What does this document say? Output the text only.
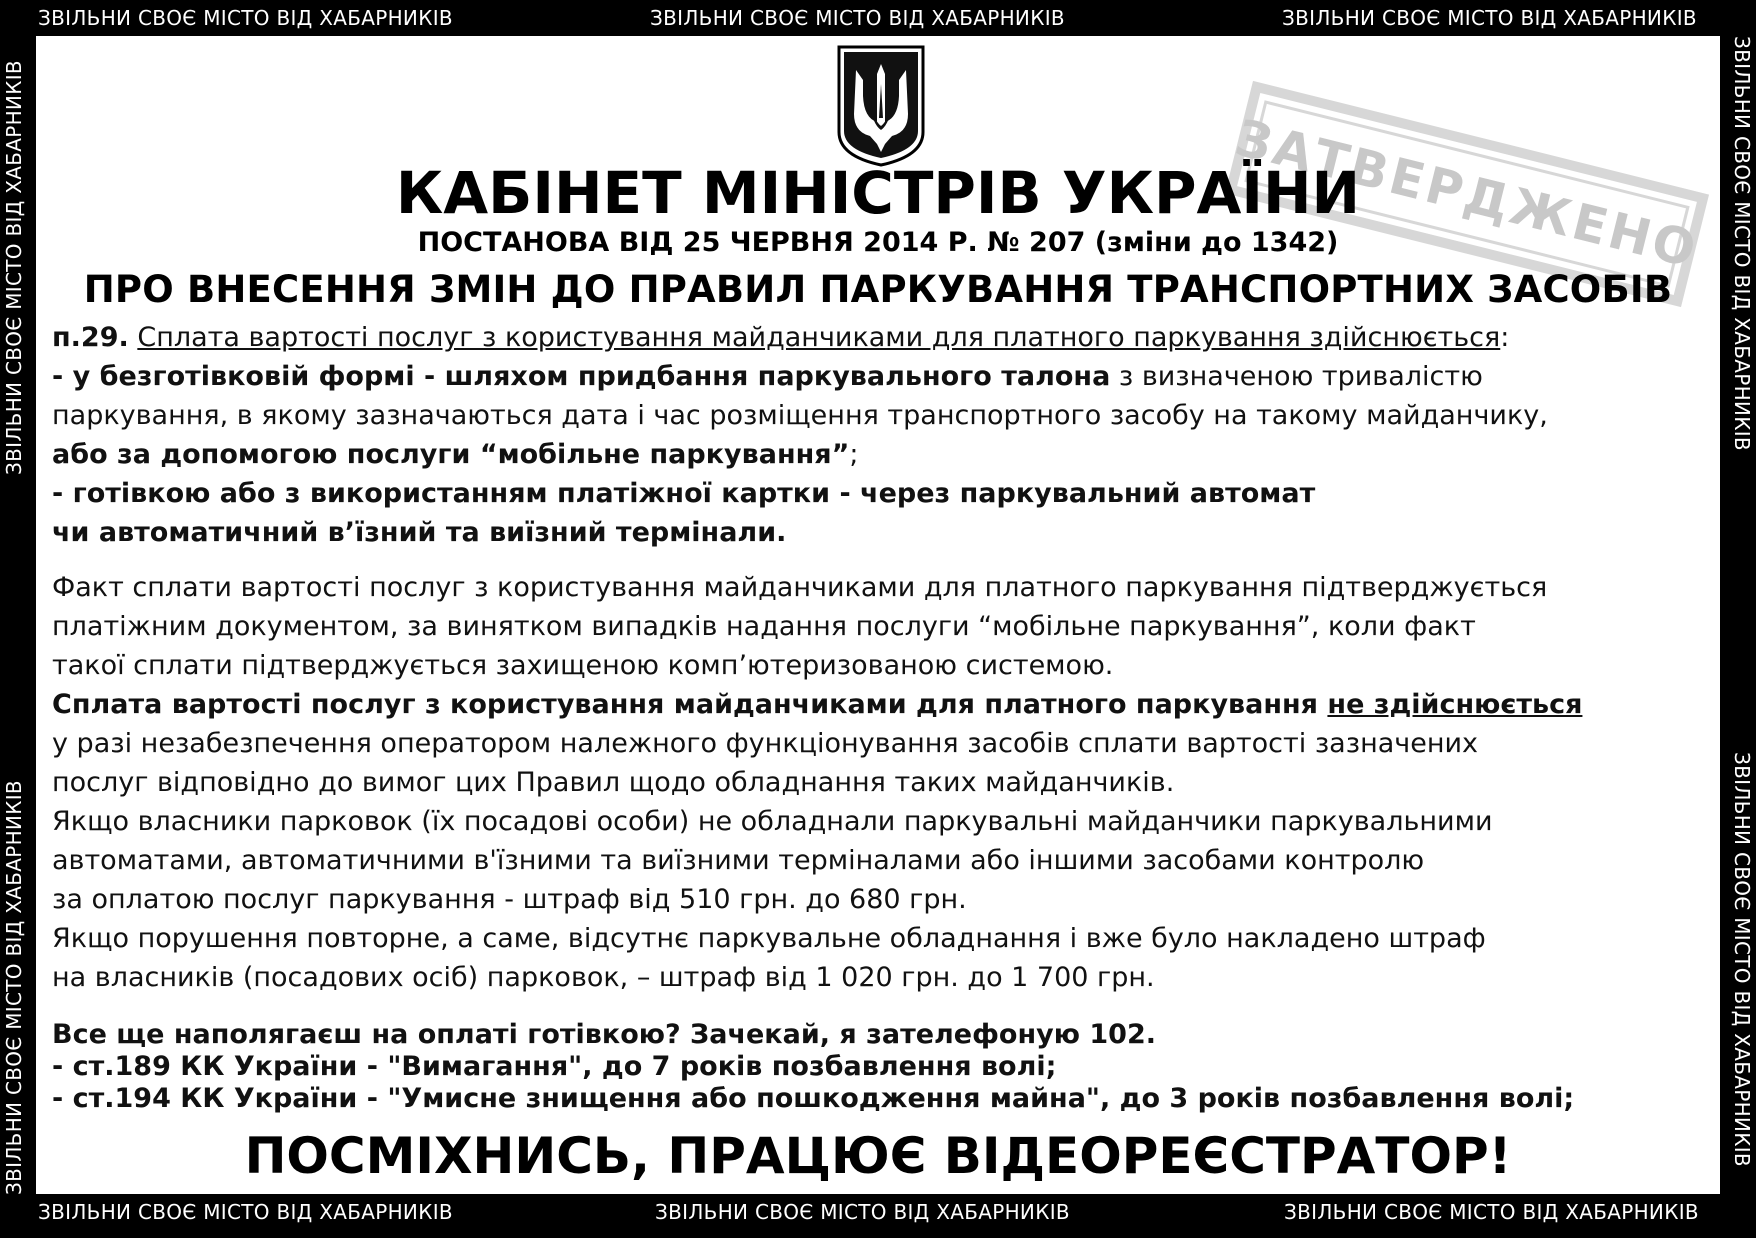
ЗВІЛЬНИ СВОЄ МІСТО ВІД ХАБАРНИКІВ	ЗВІЛЬНИ СВОЄ МІСТО ВІД ХАБАРНИКІВ	ЗВІЛЬНИ СВОЄ МІСТО ВІД ХАБАРНИКІВ
ЗВІЛЬНИ СВОЄ МІСТО ВІД ХАБАРНИКІВ	ЗВІЛЬНИ СВОЄ МІСТО ВІД ХАБАРНИКІВ	ЗВІЛЬНИ СВОЄ МІСТО ВІД ХАБАРНИКІВ
ЗВІЛЬНИ СВОЄ МІСТО ВІД ХАБАРНИКІВ
ЗВІЛЬНИ СВОЄ МІСТО ВІД ХАБАРНИКІВ
ЗВІЛЬНИ СВОЄ МІСТО ВІД ХАБАРНИКІВ
ЗВІЛЬНИ СВОЄ МІСТО ВІД ХАБАРНИКІВ
ЗАТВЕРДЖЕНО
КАБІНЕТ МІНІСТРІВ УКРАЇНИ
ПОСТАНОВА ВІД 25 ЧЕРВНЯ 2014 Р. № 207 (зміни до 1342)
ПРО ВНЕСЕННЯ ЗМІН ДО ПРАВИЛ ПАРКУВАННЯ ТРАНСПОРТНИХ ЗАСОБІВ

п.29. Сплата вартості послуг з користування майданчиками для платного паркування здійснюється:

- у безготівковій формі - шляхом придбання паркувального талона з визначеною тривалістю

паркування, в якому зазначаються дата і час розміщення транспортного засобу на такому майданчику,

або за допомогою послуги “мобільне паркування”;

- готівкою або з використанням платіжної картки - через паркувальний автомат

чи автоматичний в’їзний та виїзний термінали.

Факт сплати вартості послуг з користування майданчиками для платного паркування підтверджується

платіжним документом, за винятком випадків надання послуги “мобільне паркування”, коли факт

такої сплати підтверджується захищеною комп’ютеризованою системою.

Сплата вартості послуг з користування майданчиками для платного паркування не здійснюється

у разі незабезпечення оператором належного функціонування засобів сплати вартості зазначених

послуг відповідно до вимог цих Правил щодо обладнання таких майданчиків.

Якщо власники парковок (їх посадові особи) не обладнали паркувальні майданчики паркувальними

автоматами, автоматичними в'їзними та виїзними терміналами або іншими засобами контролю

за оплатою послуг паркування - штраф від 510 грн. до 680 грн.

Якщо порушення повторне, а саме, відсутнє паркувальне обладнання і вже було накладено штраф

на власників (посадових осіб) парковок, – штраф від 1 020 грн. до 1 700 грн.

Все ще наполягаєш на оплаті готівкою? Зачекай, я зателефоную 102.

- ст.189 КК України - "Вимагання", до 7 років позбавлення волі;

- ст.194 КК України - "Умисне знищення або пошкодження майна", до 3 років позбавлення волі;

ПОСМІХНИСЬ, ПРАЦЮЄ ВІДЕОРЕЄСТРАТОР!
